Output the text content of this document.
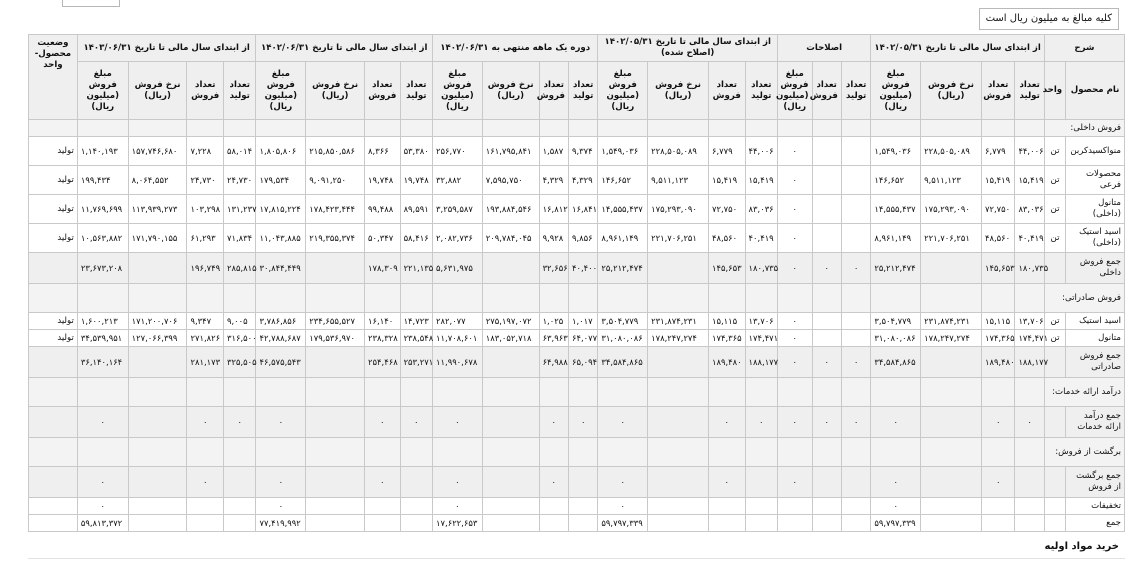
کلیه مبالغ به میلیون ریال است
شرح		از ابتدای سال مالی تا تاریخ ۱۴۰۲/۰۵/۳۱				اصلاحات			از ابتدای سال مالی تا تاریخ ۱۴۰۲/۰۵/۳۱ (اصلاح شده)				دوره یک ماهه منتهی به ۱۴۰۲/۰۶/۳۱				از ابتدای سال مالی تا تاریخ ۱۴۰۲/۰۶/۳۱				از ابتدای سال مالی تا تاریخ ۱۴۰۳/۰۶/۳۱				وضعیت محصول- واحد
نام محصول	واحد	تعداد تولید	تعداد فروش	نرخ فروش (ریال)	مبلغ فروش (میلیون ریال)	تعداد تولید	تعداد فروش	مبلغ فروش (میلیون ریال)	تعداد تولید	تعداد فروش	نرخ فروش (ریال)	مبلغ فروش (میلیون ریال)	تعداد تولید	تعداد فروش	نرخ فروش (ریال)	مبلغ فروش (میلیون ریال)	تعداد تولید	تعداد فروش	نرخ فروش (ریال)	مبلغ فروش (میلیون ریال)	تعداد تولید	تعداد فروش	نرخ فروش (ریال)	مبلغ فروش (میلیون ریال)	
فروش داخلی:																									
منواکسیدکربن	تن	۴۴,۰۰۶	۶,۷۷۹	۲۲۸,۵۰۵,۰۸۹	۱,۵۴۹,۰۳۶			۰	۴۴,۰۰۶	۶,۷۷۹	۲۲۸,۵۰۵,۰۸۹	۱,۵۴۹,۰۳۶	۹,۳۷۴	۱,۵۸۷	۱۶۱,۷۹۵,۸۴۱	۲۵۶,۷۷۰	۵۳,۳۸۰	۸,۳۶۶	۲۱۵,۸۵۰,۵۸۶	۱,۸۰۵,۸۰۶	۵۸,۰۱۴	۷,۲۲۸	۱۵۷,۷۴۶,۶۸۰	۱,۱۴۰,۱۹۳	تولید
محصولات فرعی	تن	۱۵,۴۱۹	۱۵,۴۱۹	۹,۵۱۱,۱۲۳	۱۴۶,۶۵۲			۰	۱۵,۴۱۹	۱۵,۴۱۹	۹,۵۱۱,۱۲۳	۱۴۶,۶۵۲	۴,۳۲۹	۴,۳۲۹	۷,۵۹۵,۷۵۰	۳۲,۸۸۲	۱۹,۷۴۸	۱۹,۷۴۸	۹,۰۹۱,۲۵۰	۱۷۹,۵۳۴	۲۴,۷۳۰	۲۴,۷۳۰	۸,۰۶۴,۵۵۲	۱۹۹,۴۳۴	تولید
متانول (داخلی)	تن	۸۳,۰۳۶	۷۲,۷۵۰	۱۷۵,۲۹۳,۰۹۰	۱۴,۵۵۵,۴۳۷			۰	۸۳,۰۳۶	۷۲,۷۵۰	۱۷۵,۲۹۳,۰۹۰	۱۴,۵۵۵,۴۳۷	۱۶,۸۴۱	۱۶,۸۱۲	۱۹۳,۸۸۴,۵۴۶	۳,۲۵۹,۵۸۷	۸۹,۵۹۱	۹۹,۴۸۸	۱۷۸,۴۲۳,۴۴۴	۱۷,۸۱۵,۲۲۴	۱۳۱,۲۳۷	۱۰۳,۲۹۸	۱۱۳,۹۳۹,۲۷۳	۱۱,۷۶۹,۶۹۹	تولید
اسید استیک (داخلی)	تن	۴۰,۴۱۹	۴۸,۵۶۰	۲۲۱,۷۰۶,۲۵۱	۸,۹۶۱,۱۴۹			۰	۴۰,۴۱۹	۴۸,۵۶۰	۲۲۱,۷۰۶,۲۵۱	۸,۹۶۱,۱۴۹	۹,۸۵۶	۹,۹۲۸	۲۰۹,۷۸۴,۰۴۵	۲,۰۸۲,۷۳۶	۵۸,۴۱۶	۵۰,۳۴۷	۲۱۹,۳۵۵,۳۷۴	۱۱,۰۴۳,۸۸۵	۷۱,۸۳۴	۶۱,۲۹۳	۱۷۱,۷۹۰,۱۵۵	۱۰,۵۶۳,۸۸۲	تولید
جمع فروش داخلی		۱۸۰,۷۳۵	۱۴۵,۶۵۳		۲۵,۲۱۲,۴۷۴	۰	۰	۰	۱۸۰,۷۳۵	۱۴۵,۶۵۳		۲۵,۲۱۲,۴۷۴	۴۰,۴۰۰	۳۲,۶۵۶		۵,۶۳۱,۹۷۵	۲۲۱,۱۳۵	۱۷۸,۳۰۹		۳۰,۸۴۴,۴۴۹	۲۸۵,۸۱۵	۱۹۶,۷۴۹		۲۳,۶۷۳,۲۰۸	
فروش صادراتی:																									
اسید استیک	تن	۱۳,۷۰۶	۱۵,۱۱۵	۲۳۱,۸۷۴,۲۳۱	۳,۵۰۴,۷۷۹			۰	۱۳,۷۰۶	۱۵,۱۱۵	۲۳۱,۸۷۴,۲۳۱	۳,۵۰۴,۷۷۹	۱,۰۱۷	۱,۰۲۵	۲۷۵,۱۹۷,۰۷۲	۲۸۲,۰۷۷	۱۴,۷۲۳	۱۶,۱۴۰	۲۳۴,۶۵۵,۵۲۷	۳,۷۸۶,۸۵۶	۹,۰۰۵	۹,۳۴۷	۱۷۱,۲۰۰,۷۰۶	۱,۶۰۰,۲۱۳	تولید
متانول	تن	۱۷۴,۴۷۱	۱۷۴,۳۶۵	۱۷۸,۲۴۷,۲۷۴	۳۱,۰۸۰,۰۸۶			۰	۱۷۴,۴۷۱	۱۷۴,۳۶۵	۱۷۸,۲۴۷,۲۷۴	۳۱,۰۸۰,۰۸۶	۶۴,۰۷۷	۶۳,۹۶۳	۱۸۳,۰۵۲,۷۱۸	۱۱,۷۰۸,۶۰۱	۲۳۸,۵۴۸	۲۳۸,۳۲۸	۱۷۹,۵۳۶,۹۷۰	۴۲,۷۸۸,۶۸۷	۳۱۶,۵۰۰	۲۷۱,۸۲۶	۱۲۷,۰۶۶,۳۹۹	۳۴,۵۳۹,۹۵۱	تولید
جمع فروش صادراتی		۱۸۸,۱۷۷	۱۸۹,۴۸۰		۳۴,۵۸۴,۸۶۵	۰	۰	۰	۱۸۸,۱۷۷	۱۸۹,۴۸۰		۳۴,۵۸۴,۸۶۵	۶۵,۰۹۴	۶۴,۹۸۸		۱۱,۹۹۰,۶۷۸	۲۵۳,۲۷۱	۲۵۴,۴۶۸		۴۶,۵۷۵,۵۴۳	۳۲۵,۵۰۵	۲۸۱,۱۷۳		۳۶,۱۴۰,۱۶۴	
درآمد ارائه خدمات:																									
جمع درآمد ارائه خدمات		۰	۰		۰	۰	۰	۰	۰	۰		۰	۰	۰		۰	۰	۰		۰	۰	۰		۰	
برگشت از فروش:																									
جمع برگشت از فروش			۰		۰			۰		۰		۰		۰		۰		۰		۰		۰		۰	
تخفیفات					۰							۰				۰				۰				۰	
جمع					۵۹,۷۹۷,۳۳۹							۵۹,۷۹۷,۳۳۹				۱۷,۶۲۲,۶۵۳				۷۷,۴۱۹,۹۹۲				۵۹,۸۱۳,۳۷۲	
خرید مواد اولیه
